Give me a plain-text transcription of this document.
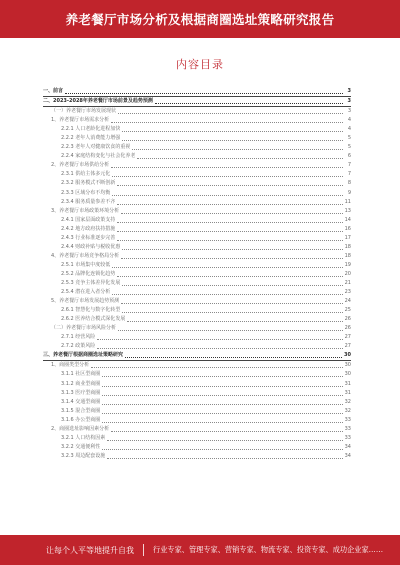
养老餐厅市场分析及根据商圈选址策略研究报告
内容目录
一、前言	3
二、2023-2028年养老餐厅市场前景及趋势预测	3
（一）养老餐厅市场发展现状	3
1、养老餐厅市场需求分析	4
2.2.1 人口老龄化进程加快	4
2.2.2 老年人消费能力增强	5
2.2.3 老年人对健康饮食的重视	5
2.2.4 家庭结构变化与社会化养老	6
2、养老餐厅市场供给分析	7
2.3.1 供给主体多元化	7
2.3.2 服务模式不断创新	8
2.3.3 区域分布不均衡	9
2.3.4 服务质量参差不齐	11
3、养老餐厅市场政策环境分析	13
2.4.1 国家层面政策支持	14
2.4.2 地方政府扶持措施	16
2.4.3 行业标准逐步完善	17
2.4.4 财政补贴与税收优惠	18
4、养老餐厅市场竞争格局分析	18
2.5.1 市场集中度较低	19
2.5.2 品牌化连锁化趋势	20
2.5.3 竞争主体差异化发展	21
2.5.4 潜在进入者分析	23
5、养老餐厅市场发展趋势预测	24
2.6.1 智慧化与数字化转型	25
2.6.2 医养结合模式深化发展	26
（二）养老餐厅市场风险分析	26
2.7.1 经营风险	27
2.7.2 政策风险	27
三、养老餐厅根据商圈选址策略研究	30
1、商圈类型分析	30
3.1.1 社区型商圈	30
3.1.2 商业型商圈	31
3.1.3 医疗型商圈	31
3.1.4 交通型商圈	32
3.1.5 混合型商圈	32
3.1.6 办公型商圈	33
2、商圈选址影响因素分析	33
3.2.1 人口结构因素	33
3.2.2 交通便利性	34
3.2.3 周边配套设施	34
让每个人平等地提升自我	行业专家、管理专家、营销专家、物流专家、投资专家、成功企业家……
